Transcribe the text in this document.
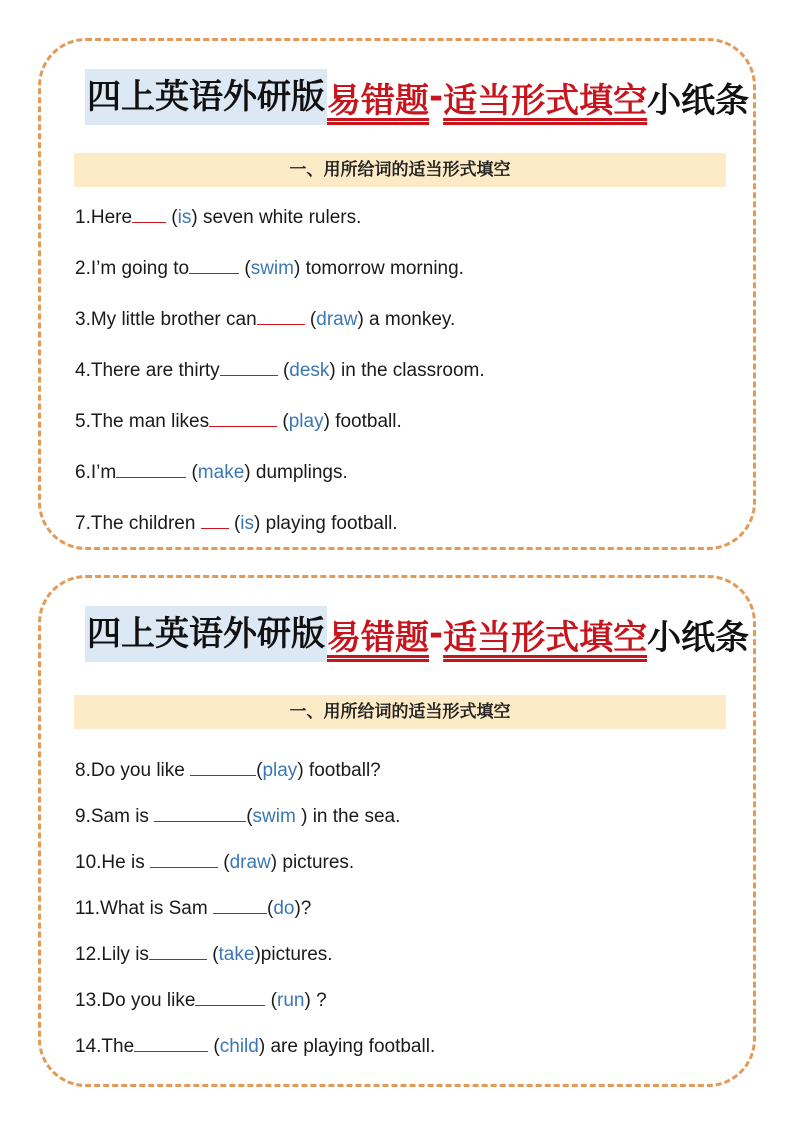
四上英语外研版 易错题 - 适当形式填空 小纸条
一、用所给词的适当形式填空
1.Here (is) seven white rulers.
2.I’m going to	(swim) tomorrow morning.
3.My little brother can	(draw) a monkey.
4.There are thirty	(desk) in the classroom.
5.The man likes	(play) football.
6.I’m	(make) dumplings.
7.The children  (is) playing football.
四上英语外研版 易错题 - 适当形式填空 小纸条
一、用所给词的适当形式填空
8.Do you like	(play) football?
9.Sam is	(swim ) in the sea.
10.He is	(draw) pictures.
11.What is Sam	(do)?
12.Lily is	(take)pictures.
13.Do you like	(run) ?
14.The	(child) are playing football.
